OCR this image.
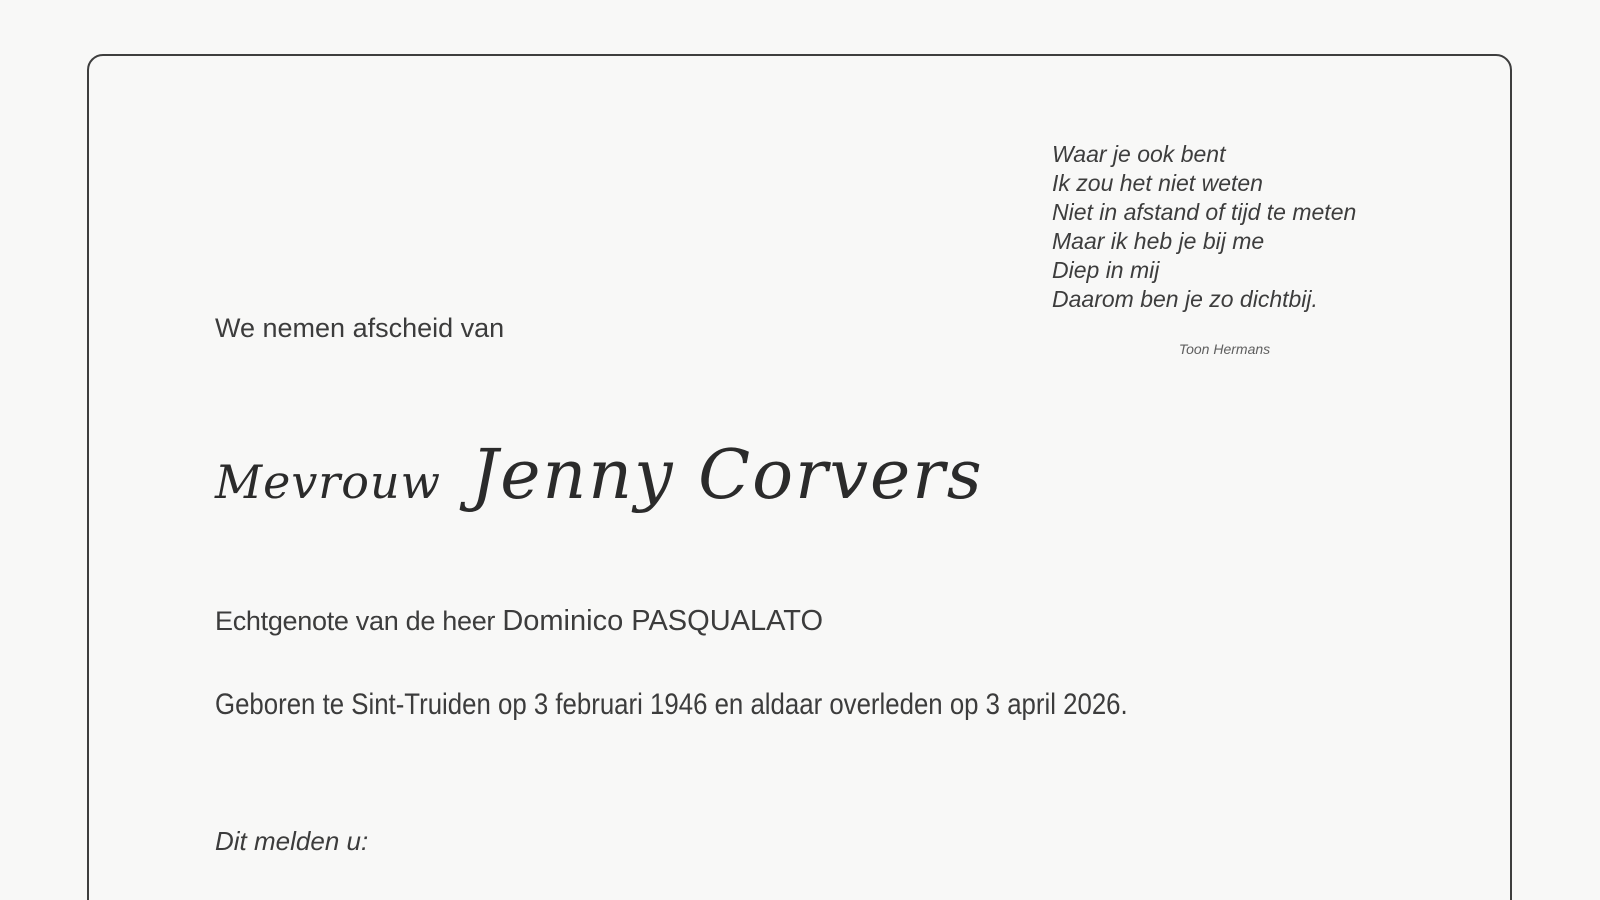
Waar je ook bent
Ik zou het niet weten
Niet in afstand of tijd te meten
Maar ik heb je bij me
Diep in mij
Daarom ben je zo dichtbij.
Toon Hermans
We nemen afscheid van
Mevrouw Jenny Corvers
Echtgenote van de heer Dominico PASQUALATO
Geboren te Sint-Truiden op 3 februari 1946 en aldaar overleden op 3 april 2026.
Dit melden u:
